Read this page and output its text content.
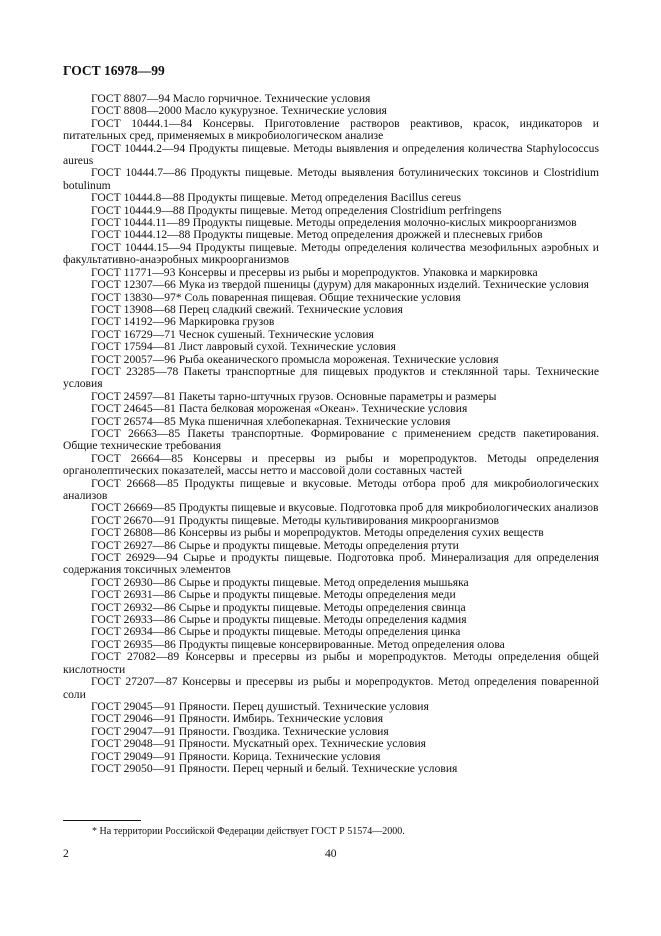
ГОСТ 16978—99

ГОСТ 8807—94 Масло горчичное. Технические условия

ГОСТ 8808—2000 Масло кукурузное. Технические условия

ГОСТ 10444.1—84 Консервы. Приготовление растворов реактивов, красок, индикаторов и питательных сред, применяемых в микробиологическом анализе

ГОСТ 10444.2—94 Продукты пищевые. Методы выявления и определения количества Staphylococcus aureus

ГОСТ 10444.7—86 Продукты пищевые. Методы выявления ботулинических токсинов и Clostridium botulinum

ГОСТ 10444.8—88 Продукты пищевые. Метод определения Bacillus cereus

ГОСТ 10444.9—88 Продукты пищевые. Метод определения Clostridium perfringens

ГОСТ 10444.11—89 Продукты пищевые. Методы определения молочно-кислых микроорганизмов

ГОСТ 10444.12—88 Продукты пищевые. Метод определения дрожжей и плесневых грибов

ГОСТ 10444.15—94 Продукты пищевые. Методы определения количества мезофильных аэробных и факультативно-анаэробных микроорганизмов

ГОСТ 11771—93 Консервы и пресервы из рыбы и морепродуктов. Упаковка и маркировка

ГОСТ 12307—66 Мука из твердой пшеницы (дурум) для макаронных изделий. Технические условия

ГОСТ 13830—97* Соль поваренная пищевая. Общие технические условия

ГОСТ 13908—68 Перец сладкий свежий. Технические условия

ГОСТ 14192—96 Маркировка грузов

ГОСТ 16729—71 Чеснок сушеный. Технические условия

ГОСТ 17594—81 Лист лавровый сухой. Технические условия

ГОСТ 20057—96 Рыба океанического промысла мороженая. Технические условия

ГОСТ 23285—78 Пакеты транспортные для пищевых продуктов и стеклянной тары. Технические условия

ГОСТ 24597—81 Пакеты тарно-штучных грузов. Основные параметры и размеры

ГОСТ 24645—81 Паста белковая мороженая «Океан». Технические условия

ГОСТ 26574—85 Мука пшеничная хлебопекарная. Технические условия

ГОСТ 26663—85 Пакеты транспортные. Формирование с применением средств пакетирования. Общие технические требования

ГОСТ 26664—85 Консервы и пресервы из рыбы и морепродуктов. Методы определения органолептических показателей, массы нетто и массовой доли составных частей

ГОСТ 26668—85 Продукты пищевые и вкусовые. Методы отбора проб для микробиологических анализов

ГОСТ 26669—85 Продукты пищевые и вкусовые. Подготовка проб для микробиологических анализов

ГОСТ 26670—91 Продукты пищевые. Методы культивирования микроорганизмов

ГОСТ 26808—86 Консервы из рыбы и морепродуктов. Методы определения сухих веществ

ГОСТ 26927—86 Сырье и продукты пищевые. Методы определения ртути

ГОСТ 26929—94 Сырье и продукты пищевые. Подготовка проб. Минерализация для определения содержания токсичных элементов

ГОСТ 26930—86 Сырье и продукты пищевые. Метод определения мышьяка

ГОСТ 26931—86 Сырье и продукты пищевые. Методы определения меди

ГОСТ 26932—86 Сырье и продукты пищевые. Методы определения свинца

ГОСТ 26933—86 Сырье и продукты пищевые. Методы определения кадмия

ГОСТ 26934—86 Сырье и продукты пищевые. Методы определения цинка

ГОСТ 26935—86 Продукты пищевые консервированные. Метод определения олова

ГОСТ 27082—89 Консервы и пресервы из рыбы и морепродуктов. Методы определения общей кислотности

ГОСТ 27207—87 Консервы и пресервы из рыбы и морепродуктов. Метод определения поваренной соли

ГОСТ 29045—91 Пряности. Перец душистый. Технические условия

ГОСТ 29046—91 Пряности. Имбирь. Технические условия

ГОСТ 29047—91 Пряности. Гвоздика. Технические условия

ГОСТ 29048—91 Пряности. Мускатный орех. Технические условия

ГОСТ 29049—91 Пряности. Корица. Технические условия

ГОСТ 29050—91 Пряности. Перец черный и белый. Технические условия

* На территории Российской Федерации действует ГОСТ Р 51574—2000.
2	40
